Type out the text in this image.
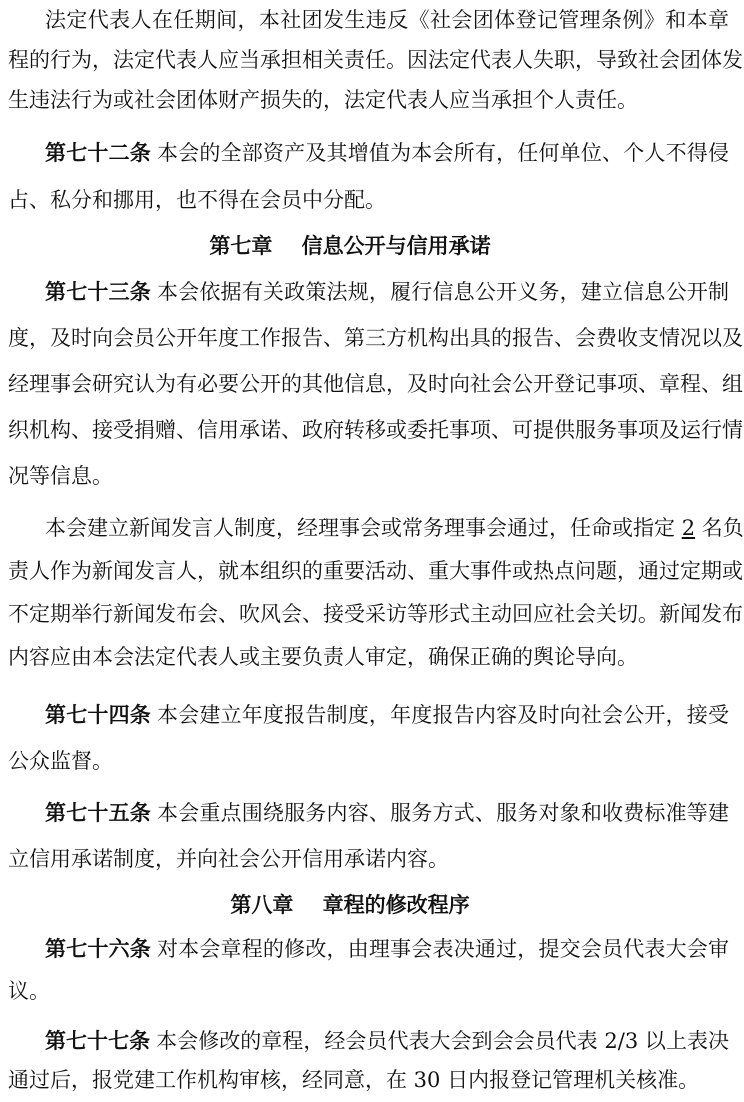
法定代表人在任期间，本社团发生违反《社会团体登记管理条例》和本章
程的行为，法定代表人应当承担相关责任。因法定代表人失职，导致社会团体发
生违法行为或社会团体财产损失的，法定代表人应当承担个人责任。
第七十二条 本会的全部资产及其增值为本会所有，任何单位、个人不得侵
占、私分和挪用，也不得在会员中分配。
第七章    信息公开与信用承诺
第七十三条 本会依据有关政策法规，履行信息公开义务，建立信息公开制
度，及时向会员公开年度工作报告、第三方机构出具的报告、会费收支情况以及
经理事会研究认为有必要公开的其他信息，及时向社会公开登记事项、章程、组
织机构、接受捐赠、信用承诺、政府转移或委托事项、可提供服务事项及运行情
况等信息。
本会建立新闻发言人制度，经理事会或常务理事会通过，任命或指定 2 名负
责人作为新闻发言人，就本组织的重要活动、重大事件或热点问题，通过定期或
不定期举行新闻发布会、吹风会、接受采访等形式主动回应社会关切。新闻发布
内容应由本会法定代表人或主要负责人审定，确保正确的舆论导向。
第七十四条 本会建立年度报告制度，年度报告内容及时向社会公开，接受
公众监督。
第七十五条 本会重点围绕服务内容、服务方式、服务对象和收费标准等建
立信用承诺制度，并向社会公开信用承诺内容。
第八章    章程的修改程序
第七十六条 对本会章程的修改，由理事会表决通过，提交会员代表大会审
议。
第七十七条 本会修改的章程，经会员代表大会到会会员代表 2/3 以上表决
通过后，报党建工作机构审核，经同意，在 30 日内报登记管理机关核准。
